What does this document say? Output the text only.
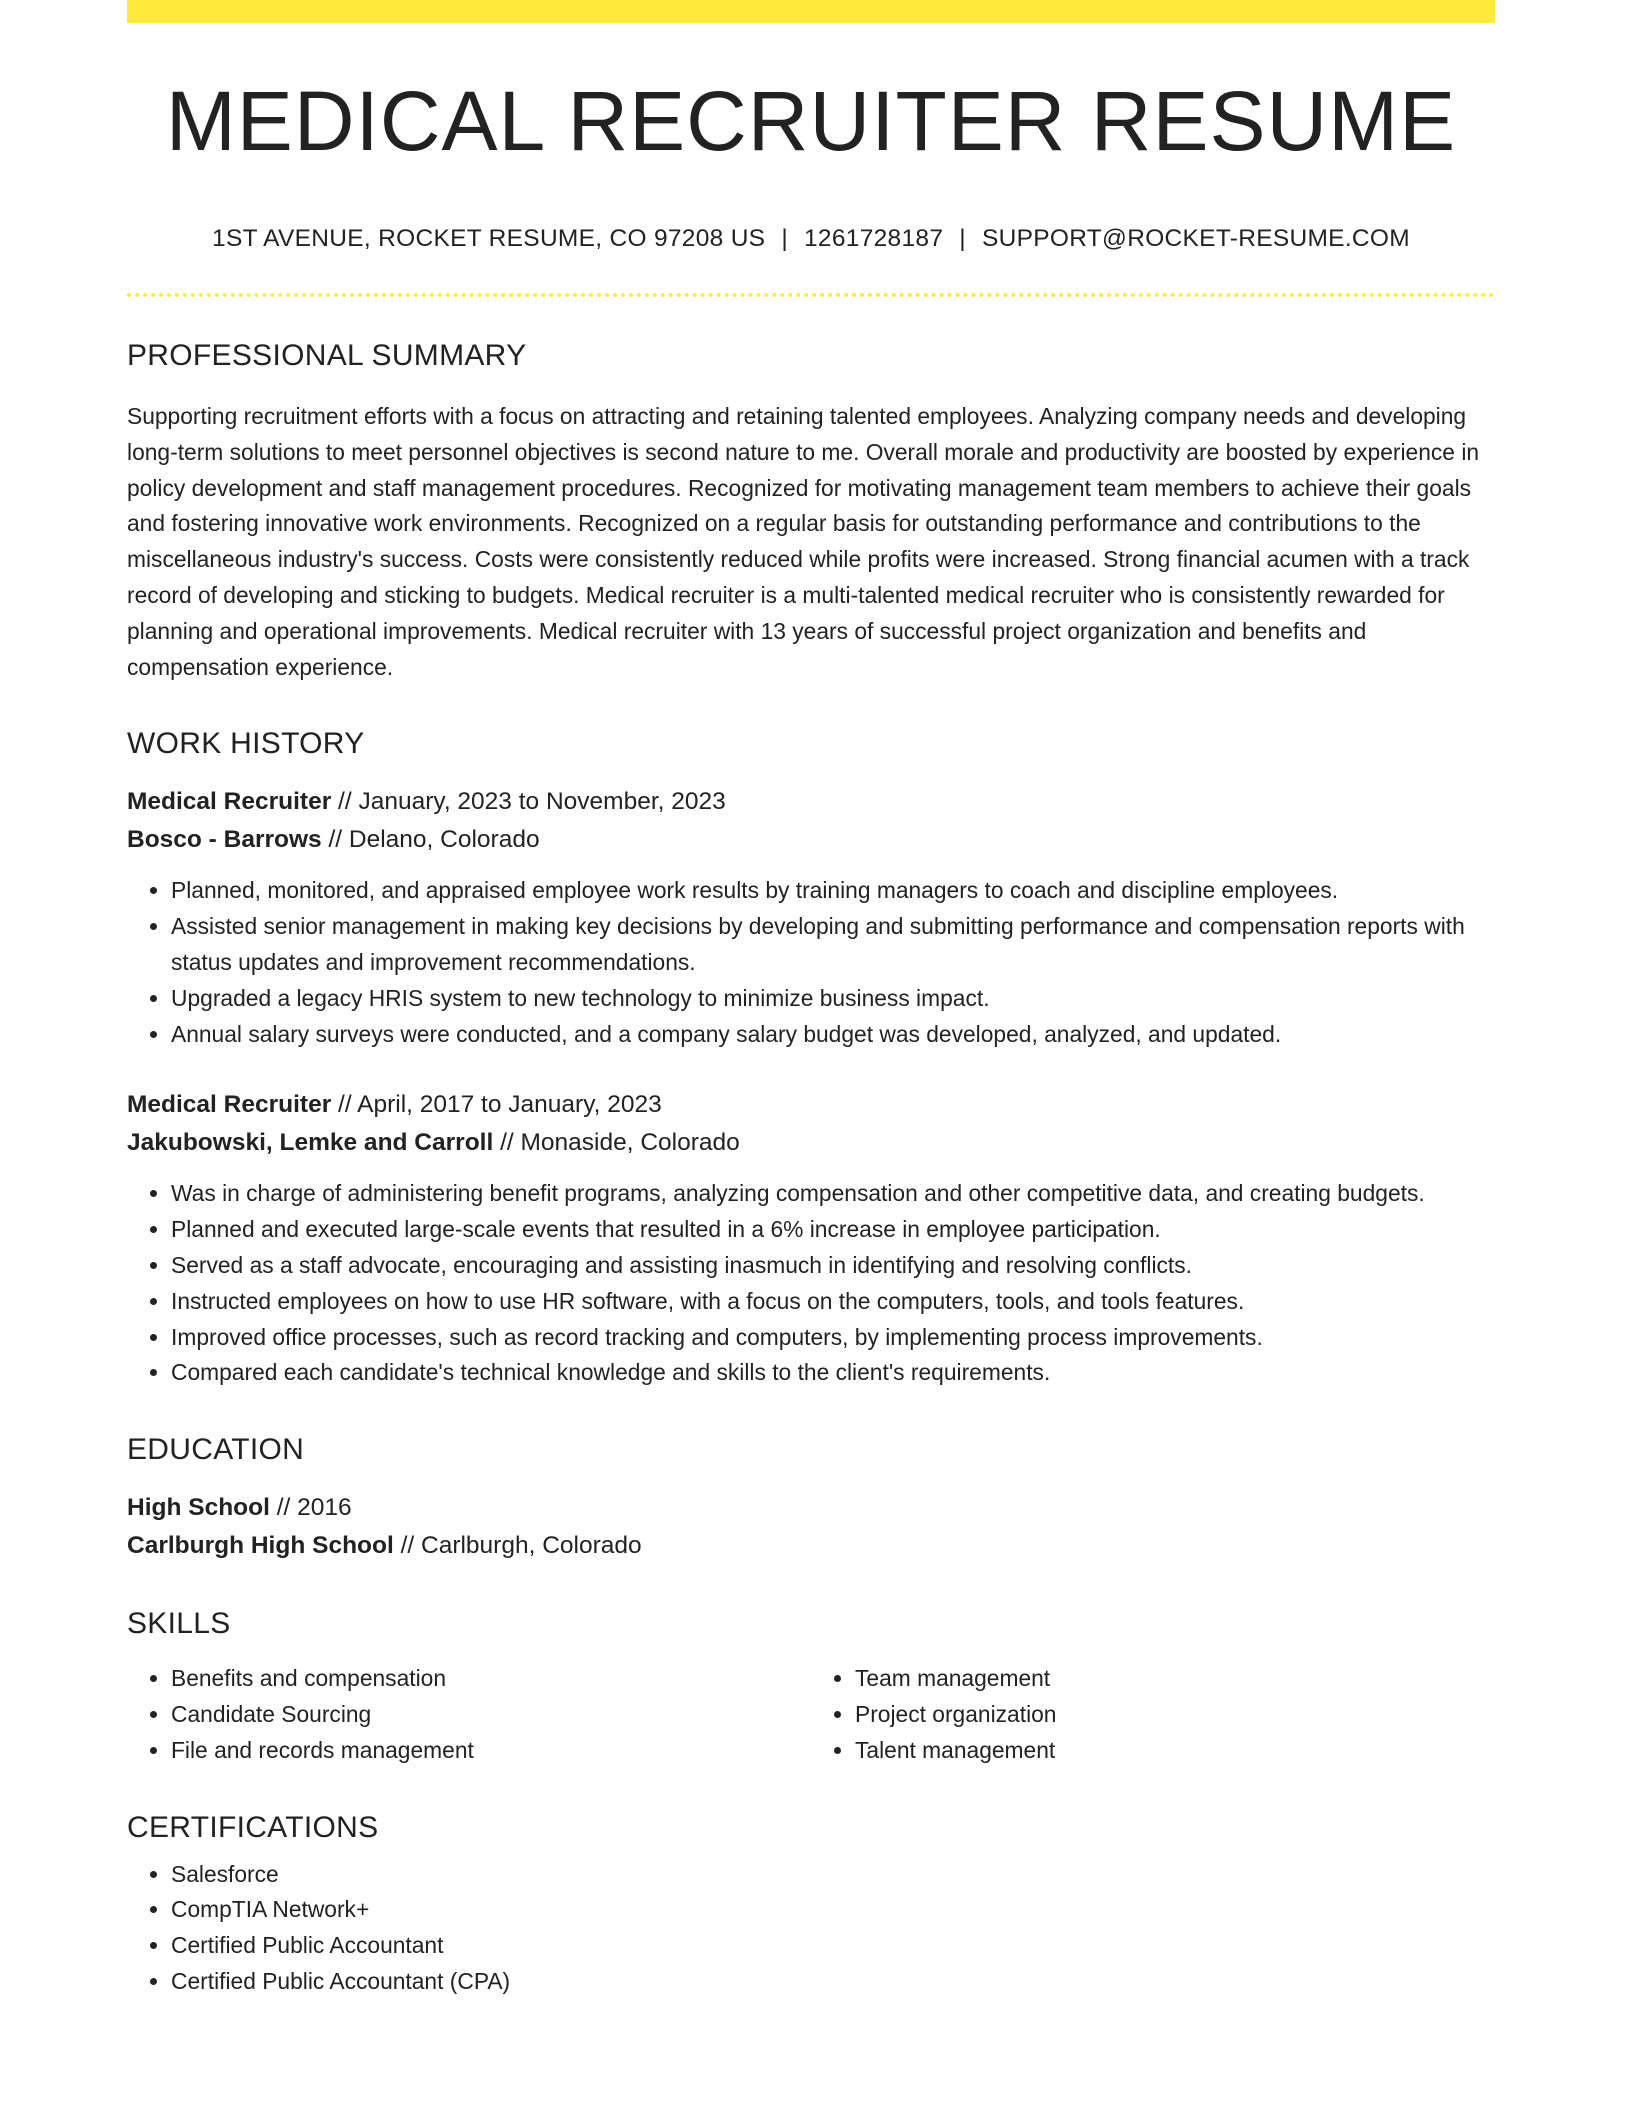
MEDICAL RECRUITER RESUME
1ST AVENUE, ROCKET RESUME, CO 97208 US | 1261728187 | SUPPORT@ROCKET-RESUME.COM
PROFESSIONAL SUMMARY

Supporting recruitment efforts with a focus on attracting and retaining talented employees. Analyzing company needs and developing long-term solutions to meet personnel objectives is second nature to me. Overall morale and productivity are boosted by experience in policy development and staff management procedures. Recognized for motivating management team members to achieve their goals and fostering innovative work environments. Recognized on a regular basis for outstanding performance and contributions to the miscellaneous industry's success. Costs were consistently reduced while profits were increased. Strong financial acumen with a track record of developing and sticking to budgets. Medical recruiter is a multi-talented medical recruiter who is consistently rewarded for planning and operational improvements. Medical recruiter with 13 years of successful project organization and benefits and compensation experience.

WORK HISTORY
Medical Recruiter // January, 2023 to November, 2023
Bosco - Barrows // Delano, Colorado
• Planned, monitored, and appraised employee work results by training managers to coach and discipline employees.
• Assisted senior management in making key decisions by developing and submitting performance and compensation reports with status updates and improvement recommendations.
• Upgraded a legacy HRIS system to new technology to minimize business impact.
• Annual salary surveys were conducted, and a company salary budget was developed, analyzed, and updated.
Medical Recruiter // April, 2017 to January, 2023
Jakubowski, Lemke and Carroll // Monaside, Colorado
• Was in charge of administering benefit programs, analyzing compensation and other competitive data, and creating budgets.
• Planned and executed large-scale events that resulted in a 6% increase in employee participation.
• Served as a staff advocate, encouraging and assisting inasmuch in identifying and resolving conflicts.
• Instructed employees on how to use HR software, with a focus on the computers, tools, and tools features.
• Improved office processes, such as record tracking and computers, by implementing process improvements.
• Compared each candidate's technical knowledge and skills to the client's requirements.
EDUCATION
High School // 2016
Carlburgh High School // Carlburgh, Colorado
SKILLS
• Benefits and compensation
• Candidate Sourcing
• File and records management
• Team management
• Project organization
• Talent management
CERTIFICATIONS
• Salesforce
• CompTIA Network+
• Certified Public Accountant
• Certified Public Accountant (CPA)
